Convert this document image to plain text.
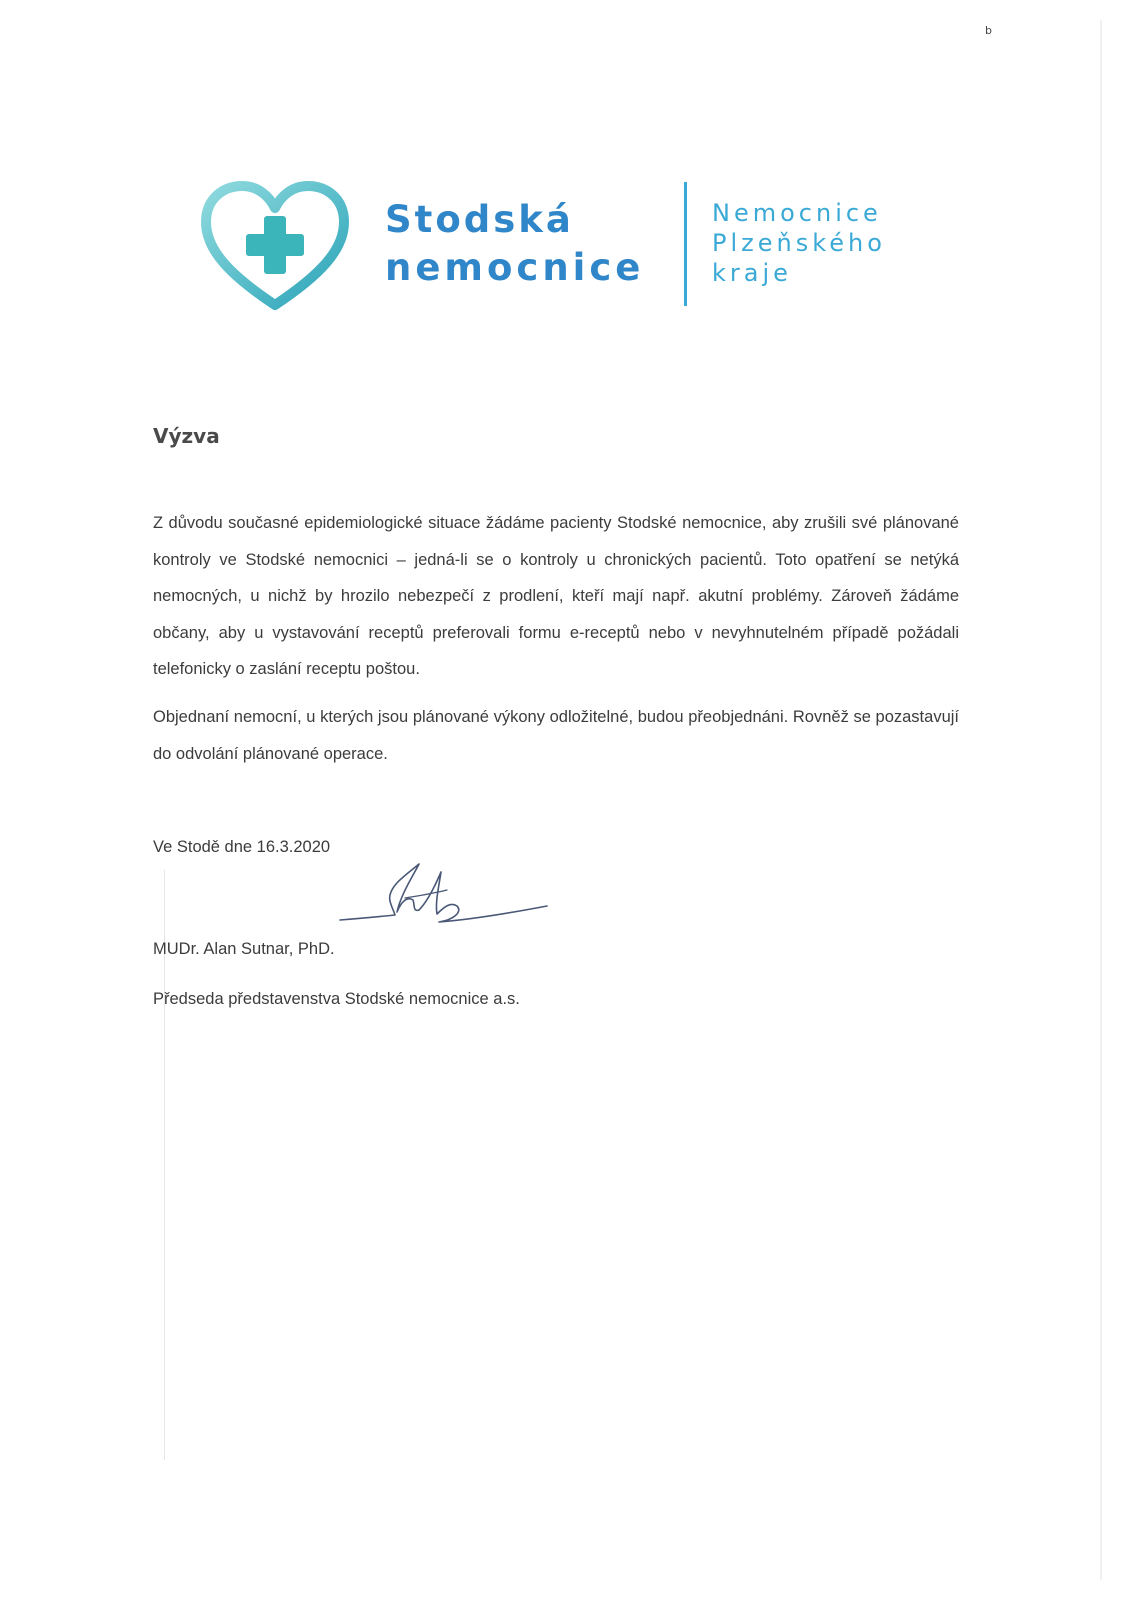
b
Stodská
nemocnice
Nemocnice
Plzeňského
kraje
Výzva

Z důvodu současné epidemiologické situace žádáme pacienty Stodské nemocnice, aby zrušili své plánované kontroly ve Stodské nemocnici – jedná-li se o kontroly u chronických pacientů. Toto opatření se netýká nemocných, u nichž by hrozilo nebezpečí z prodlení, kteří mají např. akutní problémy. Zároveň žádáme občany, aby u vystavování receptů preferovali formu e-receptů nebo v nevyhnutelném případě požádali telefonicky o zaslání receptu poštou.

Objednaní nemocní, u kterých jsou plánované výkony odložitelné, budou přeobjednáni. Rovněž se pozastavují do odvolání plánované operace.

Ve Stodě dne 16.3.2020
MUDr. Alan Sutnar, PhD.
Předseda představenstva Stodské nemocnice a.s.
